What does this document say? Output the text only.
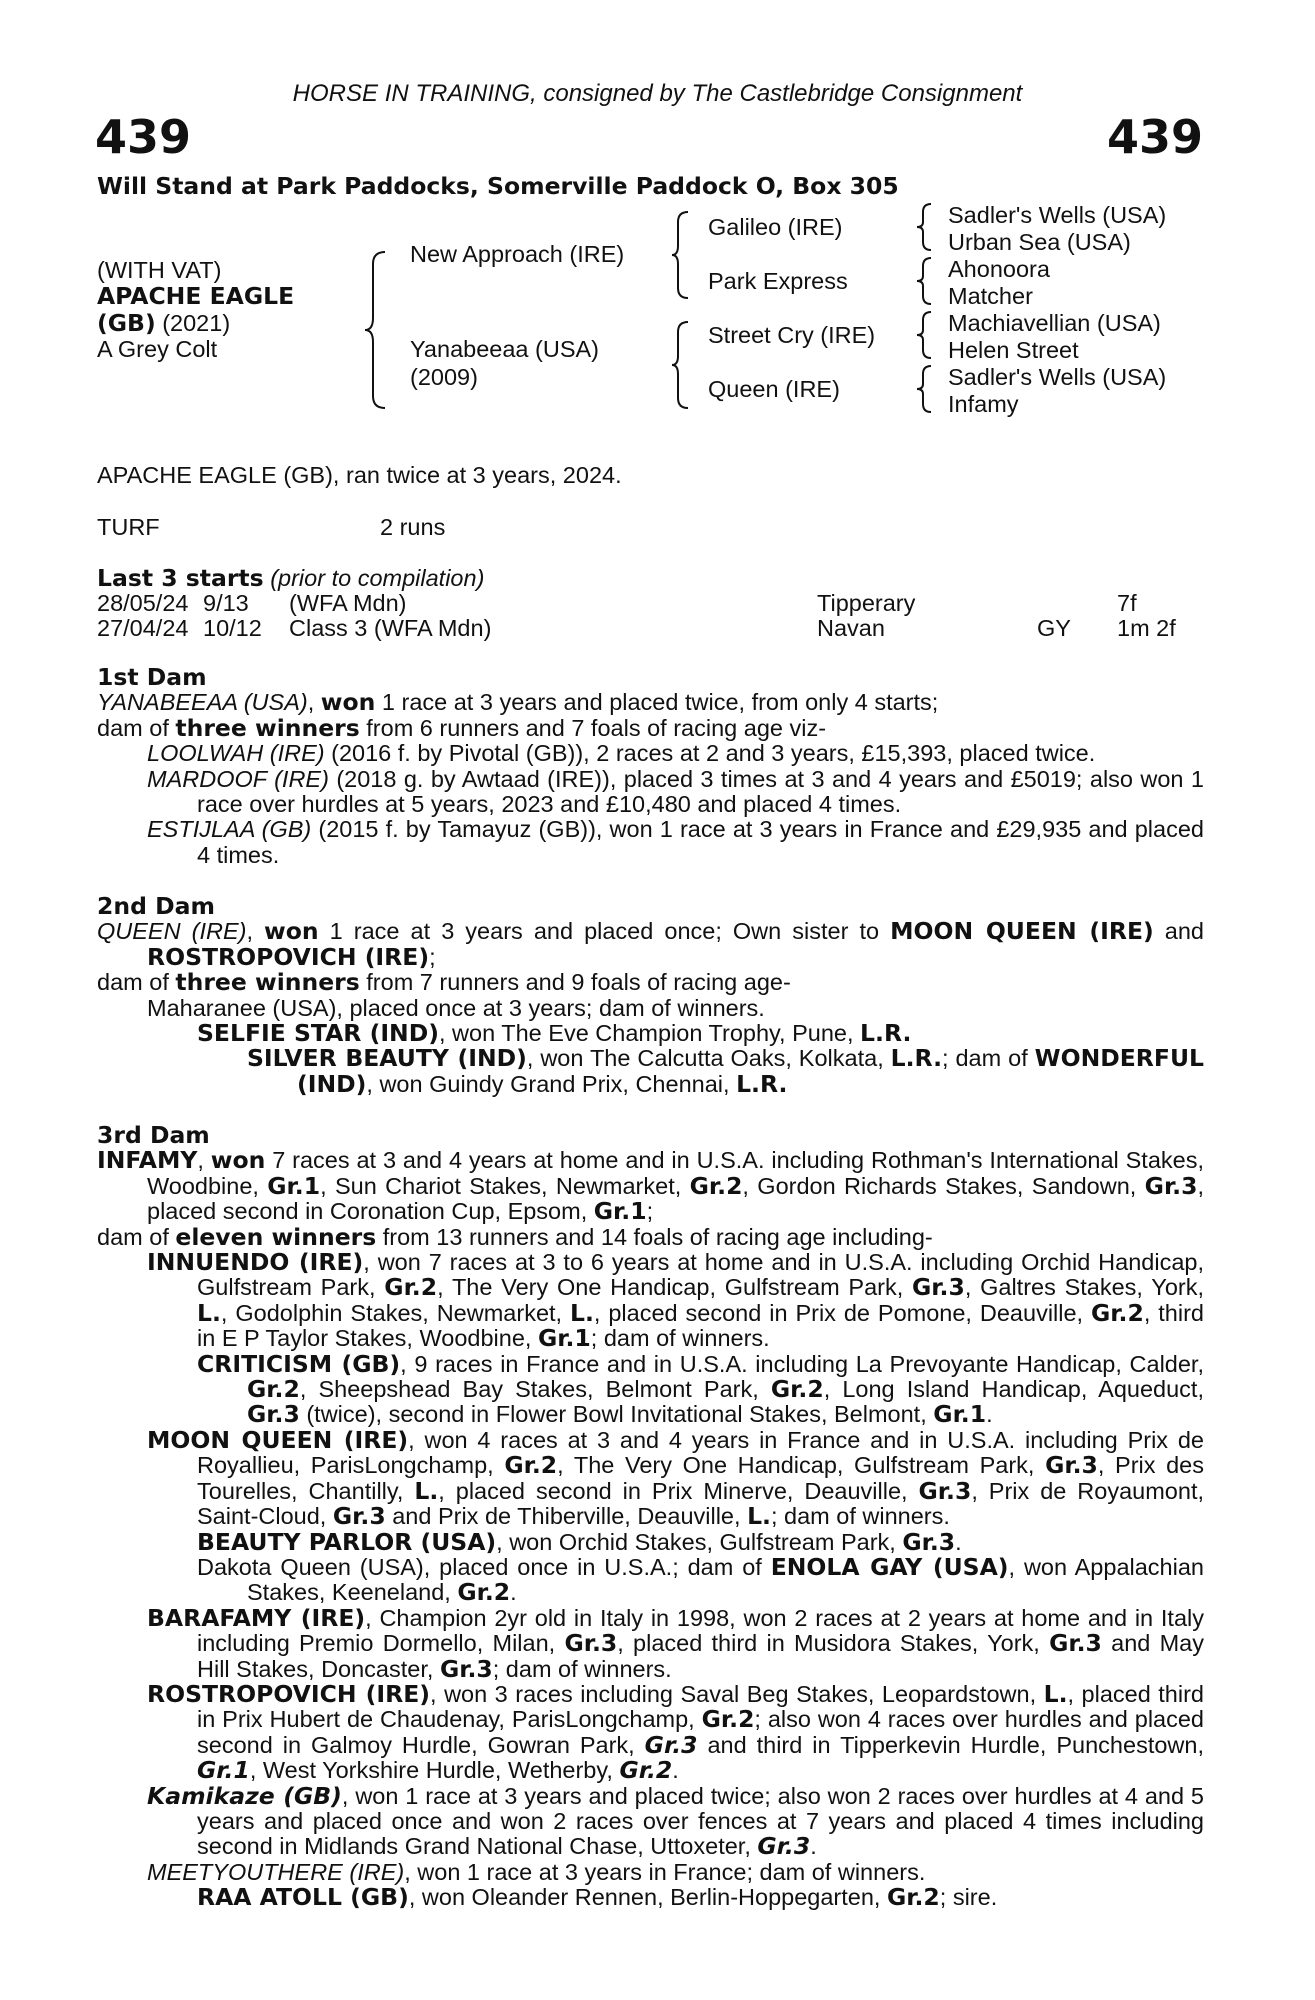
HORSE IN TRAINING, consigned by The Castlebridge Consignment
439	439
Will Stand at Park Paddocks, Somerville Paddock O, Box 305
(WITH VAT)
APACHE EAGLE
(GB) (2021)
A Grey Colt
New Approach (IRE)
Yanabeeaa (USA)
(2009)
Galileo (IRE)
Park Express
Street Cry (IRE)
Queen (IRE)
Sadler's Wells (USA)
Urban Sea (USA)
Ahonoora
Matcher
Machiavellian (USA)
Helen Street
Sadler's Wells (USA)
Infamy
APACHE EAGLE (GB), ran twice at 3 years, 2024.
TURF	2 runs
Last 3 starts (prior to compilation)
28/05/24 9/13 (WFA Mdn)	Tipperary	7f
27/04/24 10/12 Class 3 (WFA Mdn)	Navan	GY 1m 2f

1st Dam

YANABEEAA (USA), won 1 race at 3 years and placed twice, from only 4 starts;

dam of three winners from 6 runners and 7 foals of racing age viz-

LOOLWAH (IRE) (2016 f. by Pivotal (GB)), 2 races at 2 and 3 years, £15,393, placed twice.

MARDOOF (IRE) (2018 g. by Awtaad (IRE)), placed 3 times at 3 and 4 years and £5019; also won 1 race over hurdles at 5 years, 2023 and £10,480 and placed 4 times.

ESTIJLAA (GB) (2015 f. by Tamayuz (GB)), won 1 race at 3 years in France and £29,935 and placed 4 times.

2nd Dam

QUEEN (IRE), won 1 race at 3 years and placed once; Own sister to MOON QUEEN (IRE) and ROSTROPOVICH (IRE);

dam of three winners from 7 runners and 9 foals of racing age-

Maharanee (USA), placed once at 3 years; dam of winners.

SELFIE STAR (IND), won The Eve Champion Trophy, Pune, L.R.

SILVER BEAUTY (IND), won The Calcutta Oaks, Kolkata, L.R.; dam of WONDERFUL (IND), won Guindy Grand Prix, Chennai, L.R.

3rd Dam

INFAMY, won 7 races at 3 and 4 years at home and in U.S.A. including Rothman's International Stakes, Woodbine, Gr.1, Sun Chariot Stakes, Newmarket, Gr.2, Gordon Richards Stakes, Sandown, Gr.3, placed second in Coronation Cup, Epsom, Gr.1;

dam of eleven winners from 13 runners and 14 foals of racing age including-

INNUENDO (IRE), won 7 races at 3 to 6 years at home and in U.S.A. including Orchid Handicap, Gulfstream Park, Gr.2, The Very One Handicap, Gulfstream Park, Gr.3, Galtres Stakes, York, L., Godolphin Stakes, Newmarket, L., placed second in Prix de Pomone, Deauville, Gr.2, third in E P Taylor Stakes, Woodbine, Gr.1; dam of winners.

CRITICISM (GB), 9 races in France and in U.S.A. including La Prevoyante Handicap, Calder, Gr.2, Sheepshead Bay Stakes, Belmont Park, Gr.2, Long Island Handicap, Aqueduct, Gr.3 (twice), second in Flower Bowl Invitational Stakes, Belmont, Gr.1.

MOON QUEEN (IRE), won 4 races at 3 and 4 years in France and in U.S.A. including Prix de Royallieu, ParisLongchamp, Gr.2, The Very One Handicap, Gulfstream Park, Gr.3, Prix des Tourelles, Chantilly, L., placed second in Prix Minerve, Deauville, Gr.3, Prix de Royaumont, Saint-Cloud, Gr.3 and Prix de Thiberville, Deauville, L.; dam of winners.

BEAUTY PARLOR (USA), won Orchid Stakes, Gulfstream Park, Gr.3.

Dakota Queen (USA), placed once in U.S.A.; dam of ENOLA GAY (USA), won Appalachian Stakes, Keeneland, Gr.2.

BARAFAMY (IRE), Champion 2yr old in Italy in 1998, won 2 races at 2 years at home and in Italy including Premio Dormello, Milan, Gr.3, placed third in Musidora Stakes, York, Gr.3 and May Hill Stakes, Doncaster, Gr.3; dam of winners.

ROSTROPOVICH (IRE), won 3 races including Saval Beg Stakes, Leopardstown, L., placed third in Prix Hubert de Chaudenay, ParisLongchamp, Gr.2; also won 4 races over hurdles and placed second in Galmoy Hurdle, Gowran Park, Gr.3 and third in Tipperkevin Hurdle, Punchestown, Gr.1, West Yorkshire Hurdle, Wetherby, Gr.2.

Kamikaze (GB), won 1 race at 3 years and placed twice; also won 2 races over hurdles at 4 and 5 years and placed once and won 2 races over fences at 7 years and placed 4 times including second in Midlands Grand National Chase, Uttoxeter, Gr.3.

MEETYOUTHERE (IRE), won 1 race at 3 years in France; dam of winners.

RAA ATOLL (GB), won Oleander Rennen, Berlin-Hoppegarten, Gr.2; sire.
